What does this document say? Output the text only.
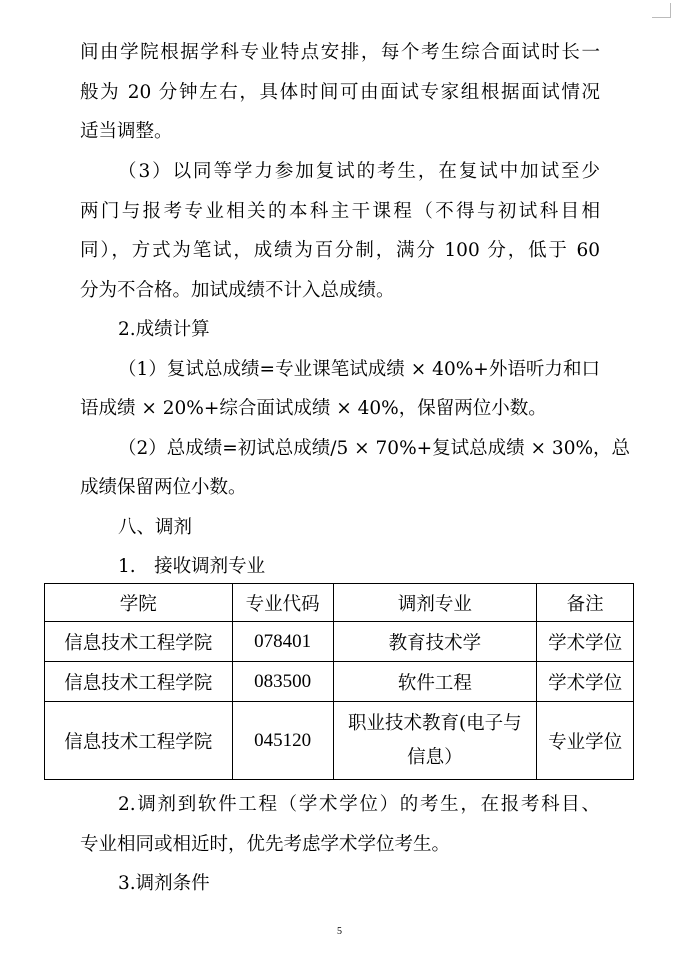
间由学院根据学科专业特点安排，每个考生综合面试时长一
般为 20 分钟左右，具体时间可由面试专家组根据面试情况
适当调整。
（3）以同等学力参加复试的考生，在复试中加试至少
两门与报考专业相关的本科主干课程（不得与初试科目相
同），方式为笔试，成绩为百分制，满分 100 分，低于 60
分为不合格。加试成绩不计入总成绩。
2.成绩计算
（1）复试总成绩=专业课笔试成绩 × 40%+外语听力和口
语成绩 × 20%+综合面试成绩 × 40%，保留两位小数。
（2）总成绩=初试总成绩/5 × 70%+复试总成绩 × 30%，总
成绩保留两位小数。
八、调剂
1.　接收调剂专业
学院	专业代码	调剂专业	备注
信息技术工程学院	078401	教育技术学	学术学位
信息技术工程学院	083500	软件工程	学术学位
信息技术工程学院	045120	职业技术教育(电子与
信息）	专业学位
2.调剂到软件工程（学术学位）的考生，在报考科目、
专业相同或相近时，优先考虑学术学位考生。
3.调剂条件
5
